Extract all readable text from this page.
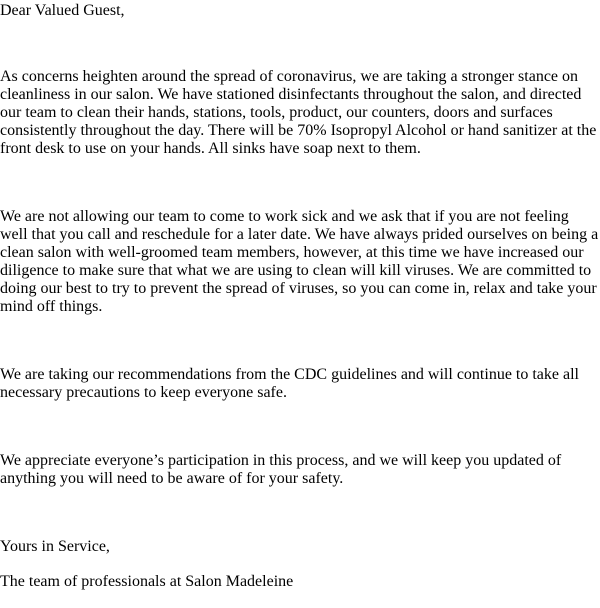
Dear Valued Guest,

As concerns heighten around the spread of coronavirus, we are taking a stronger stance on

cleanliness in our salon. We have stationed disinfectants throughout the salon, and directed

our team to clean their hands, stations, tools, product, our counters, doors and surfaces

consistently throughout the day. There will be 70% Isopropyl Alcohol or hand sanitizer at the

front desk to use on your hands. All sinks have soap next to them.

We are not allowing our team to come to work sick and we ask that if you are not feeling

well that you call and reschedule for a later date. We have always prided ourselves on being a

clean salon with well-groomed team members, however, at this time we have increased our

diligence to make sure that what we are using to clean will kill viruses. We are committed to

doing our best to try to prevent the spread of viruses, so you can come in, relax and take your

mind off things.

We are taking our recommendations from the CDC guidelines and will continue to take all

necessary precautions to keep everyone safe.

We appreciate everyone’s participation in this process, and we will keep you updated of

anything you will need to be aware of for your safety.

Yours in Service,

The team of professionals at Salon Madeleine
